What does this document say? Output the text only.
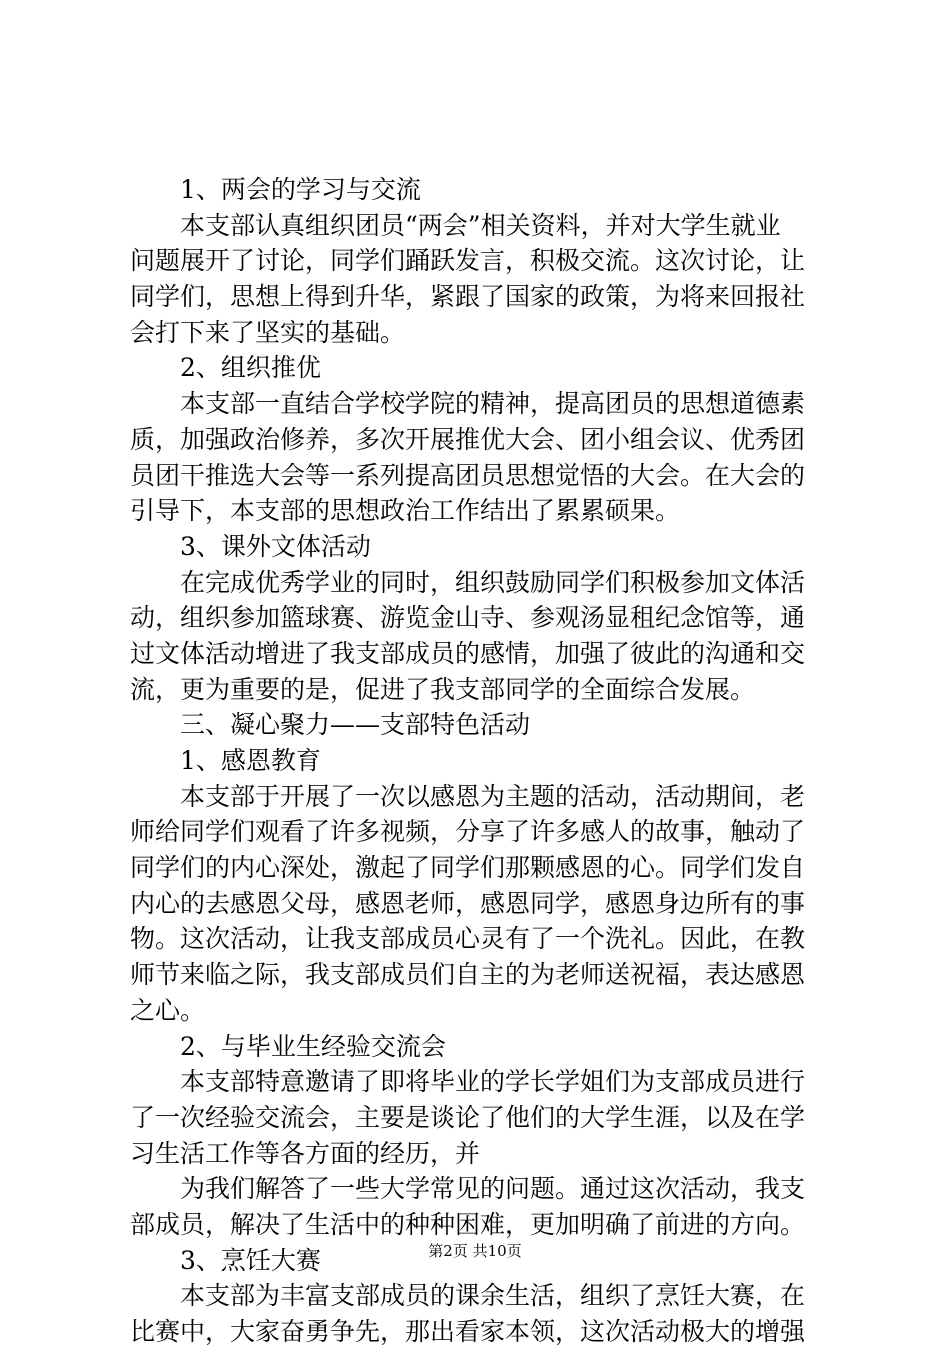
1、两会的学习与交流
本支部认真组织团员“两会”相关资料，并对大学生就业
问题展开了讨论，同学们踊跃发言，积极交流。这次讨论，让
同学们，思想上得到升华，紧跟了国家的政策，为将来回报社
会打下来了坚实的基础。
2、组织推优
本支部一直结合学校学院的精神，提高团员的思想道德素
质，加强政治修养，多次开展推优大会、团小组会议、优秀团
员团干推选大会等一系列提高团员思想觉悟的大会。在大会的
引导下，本支部的思想政治工作结出了累累硕果。
3、课外文体活动
在完成优秀学业的同时，组织鼓励同学们积极参加文体活
动，组织参加篮球赛、游览金山寺、参观汤显租纪念馆等，通
过文体活动增进了我支部成员的感情，加强了彼此的沟通和交
流，更为重要的是，促进了我支部同学的全面综合发展。
三、凝心聚力——支部特色活动
1、感恩教育
本支部于开展了一次以感恩为主题的活动，活动期间，老
师给同学们观看了许多视频，分享了许多感人的故事，触动了
同学们的内心深处，激起了同学们那颗感恩的心。同学们发自
内心的去感恩父母，感恩老师，感恩同学，感恩身边所有的事
物。这次活动，让我支部成员心灵有了一个洗礼。因此，在教
师节来临之际，我支部成员们自主的为老师送祝福，表达感恩
之心。
2、与毕业生经验交流会
本支部特意邀请了即将毕业的学长学姐们为支部成员进行
了一次经验交流会，主要是谈论了他们的大学生涯，以及在学
习生活工作等各方面的经历，并
为我们解答了一些大学常见的问题。通过这次活动，我支
部成员，解决了生活中的种种困难，更加明确了前进的方向。
3、烹饪大赛
本支部为丰富支部成员的课余生活，组织了烹饪大赛，在
比赛中，大家奋勇争先，那出看家本领，这次活动极大的增强
第2页 共10页
